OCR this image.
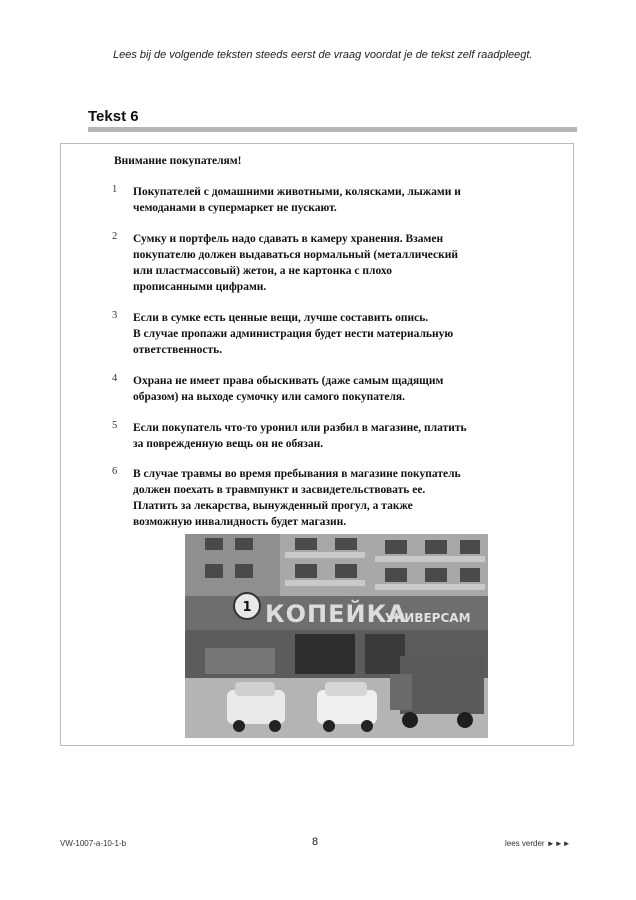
Lees bij de volgende teksten steeds eerst de vraag voordat je de tekst zelf raadpleegt.
Tekst 6
Внимание покупателям!
1 Покупателей с домашними животными, колясками, лыжами и
чемоданами в супермаркет не пускают.
2 Сумку и портфель надо сдавать в камеру хранения. Взамен
покупателю должен выдаваться нормальный (металлический
или пластмассовый) жетон, а не картонка с плохо
прописанными цифрами.
3 Если в сумке есть ценные вещи, лучше составить опись.
В случае пропажи администрация будет нести материальную
ответственность.
4 Охрана не имеет права обыскивать (даже самым щадящим
образом) на выходе сумочку или самого покупателя.
5 Если покупатель что-то уронил или разбил в магазине, платить
за поврежденную вещь он не обязан.
6 В случае травмы во время пребывания в магазине покупатель
должен поехать в травмпункт и засвидетельствовать ее.
Платить за лекарства, вынужденный прогул, а также
возможную инвалидность будет магазин.
1 КОПЕЙКА
УНИВЕРСАМ
VW-1007-a-10-1-b	8	lees verder ►►►
